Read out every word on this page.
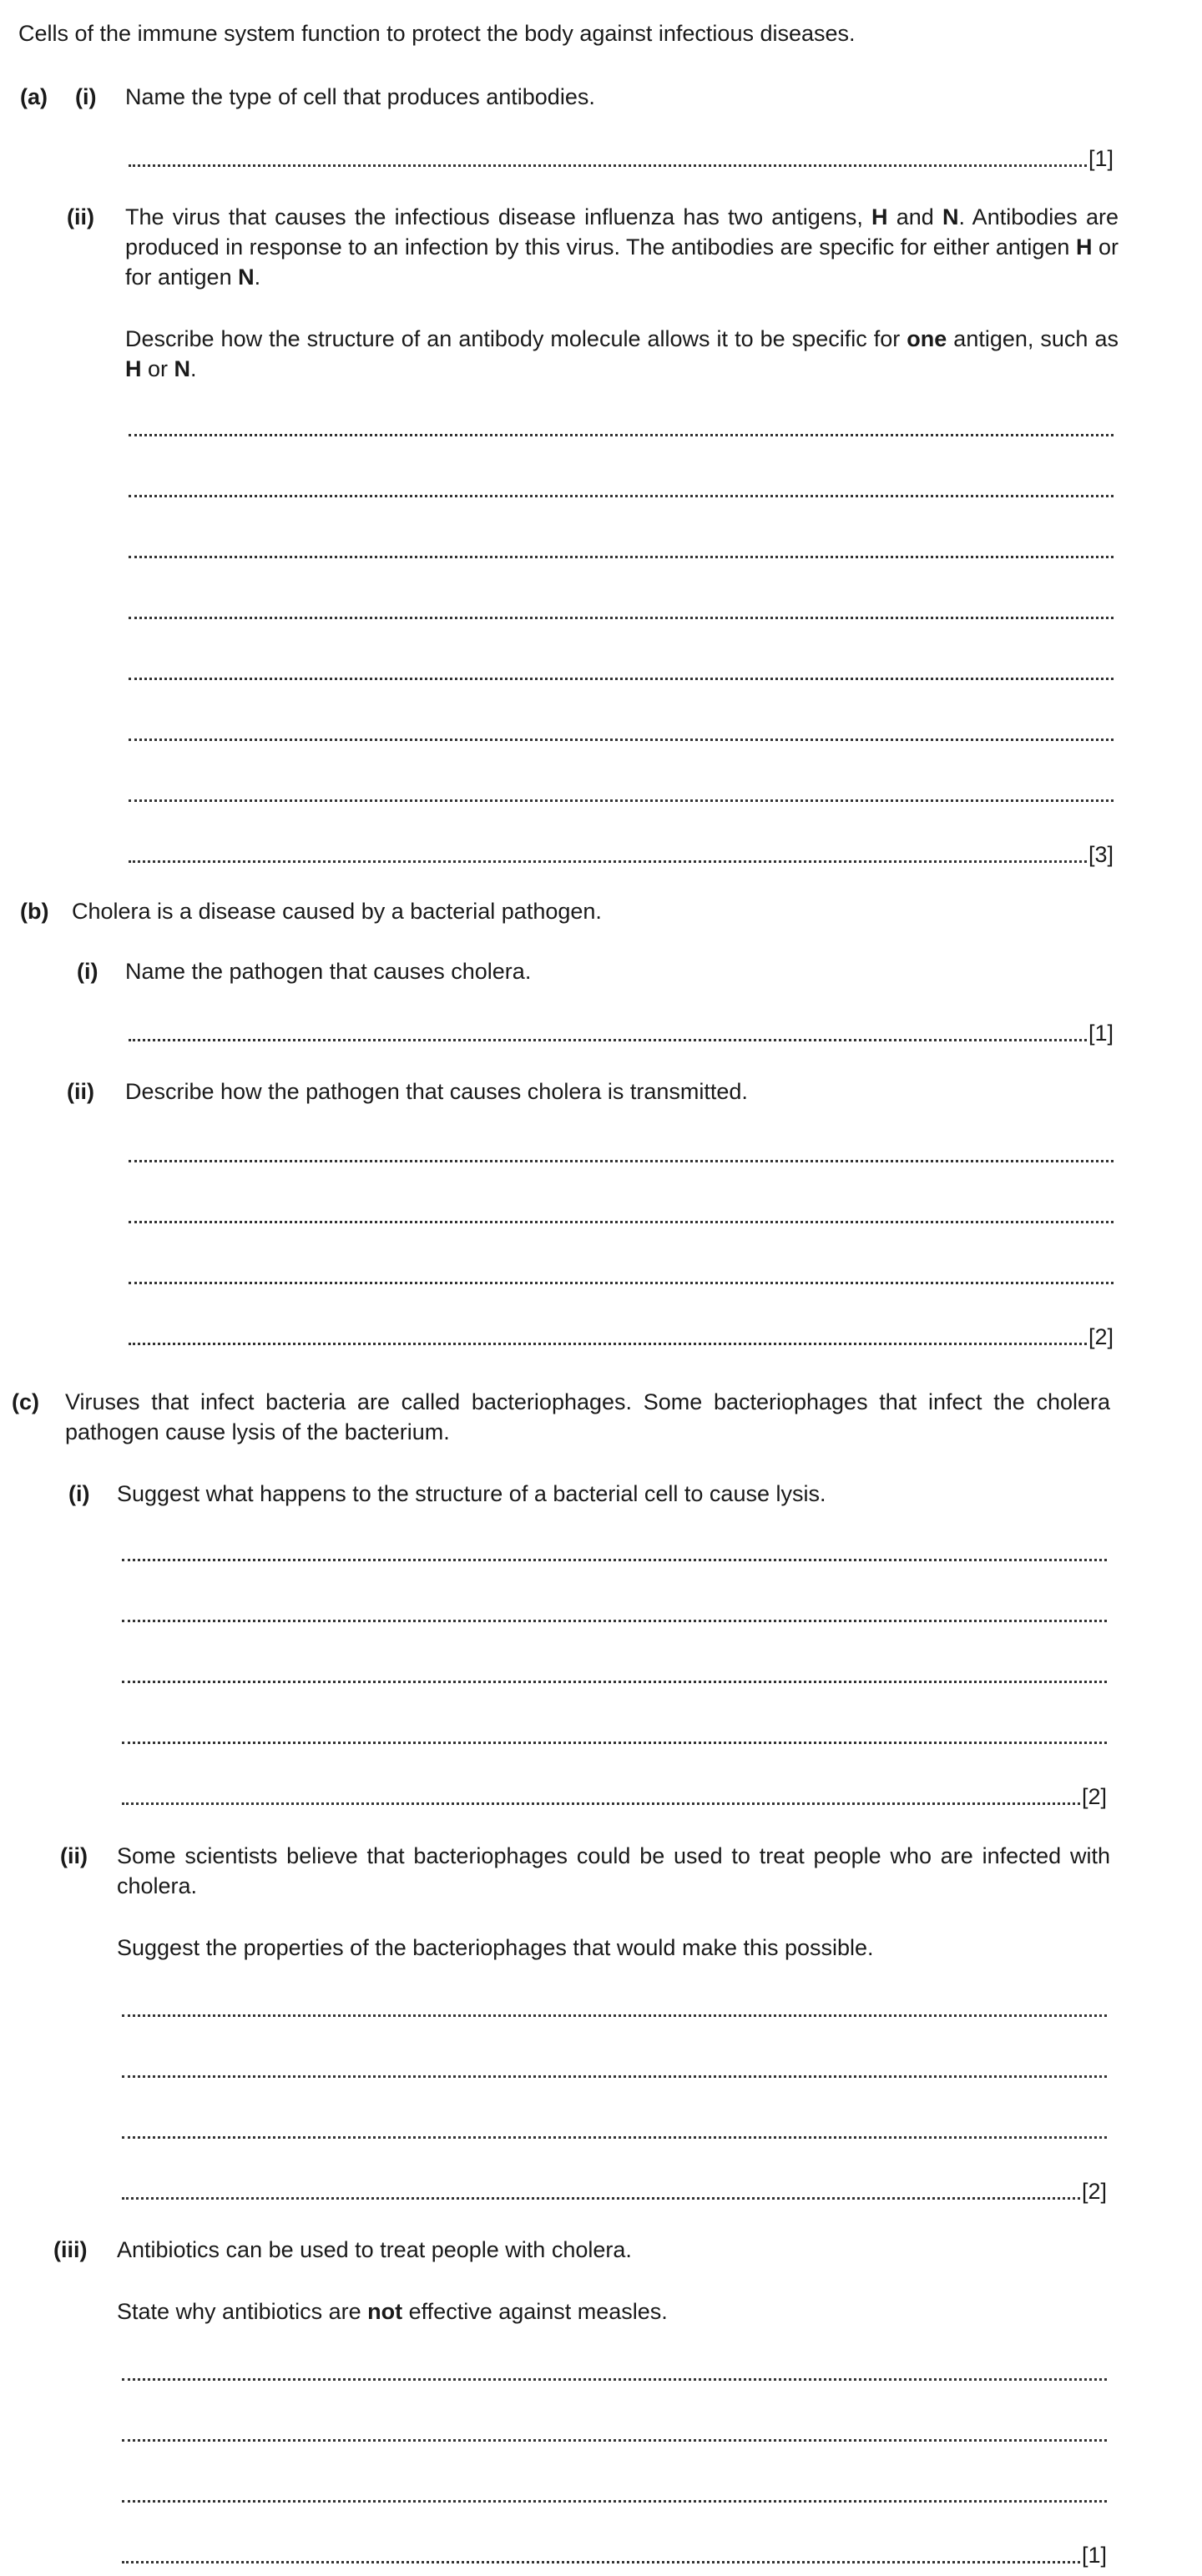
Cells of the immune system function to protect the body against infectious diseases.
(a) (i) Name the type of cell that produces antibodies.
[1]
(ii) The virus that causes the infectious disease influenza has two antigens, H and N. Antibodies are produced in response to an infection by this virus. The antibodies are specific for either antigen H or for antigen N.
Describe how the structure of an antibody molecule allows it to be specific for one antigen, such as H or N.
[3]
(b) Cholera is a disease caused by a bacterial pathogen.
(i) Name the pathogen that causes cholera.
[1]
(ii) Describe how the pathogen that causes cholera is transmitted.
[2]
(c) Viruses that infect bacteria are called bacteriophages. Some bacteriophages that infect the cholera pathogen cause lysis of the bacterium.
(i) Suggest what happens to the structure of a bacterial cell to cause lysis.
[2]
(ii) Some scientists believe that bacteriophages could be used to treat people who are infected with cholera.
Suggest the properties of the bacteriophages that would make this possible.
[2]
(iii) Antibiotics can be used to treat people with cholera.
State why antibiotics are not effective against measles.
[1]
